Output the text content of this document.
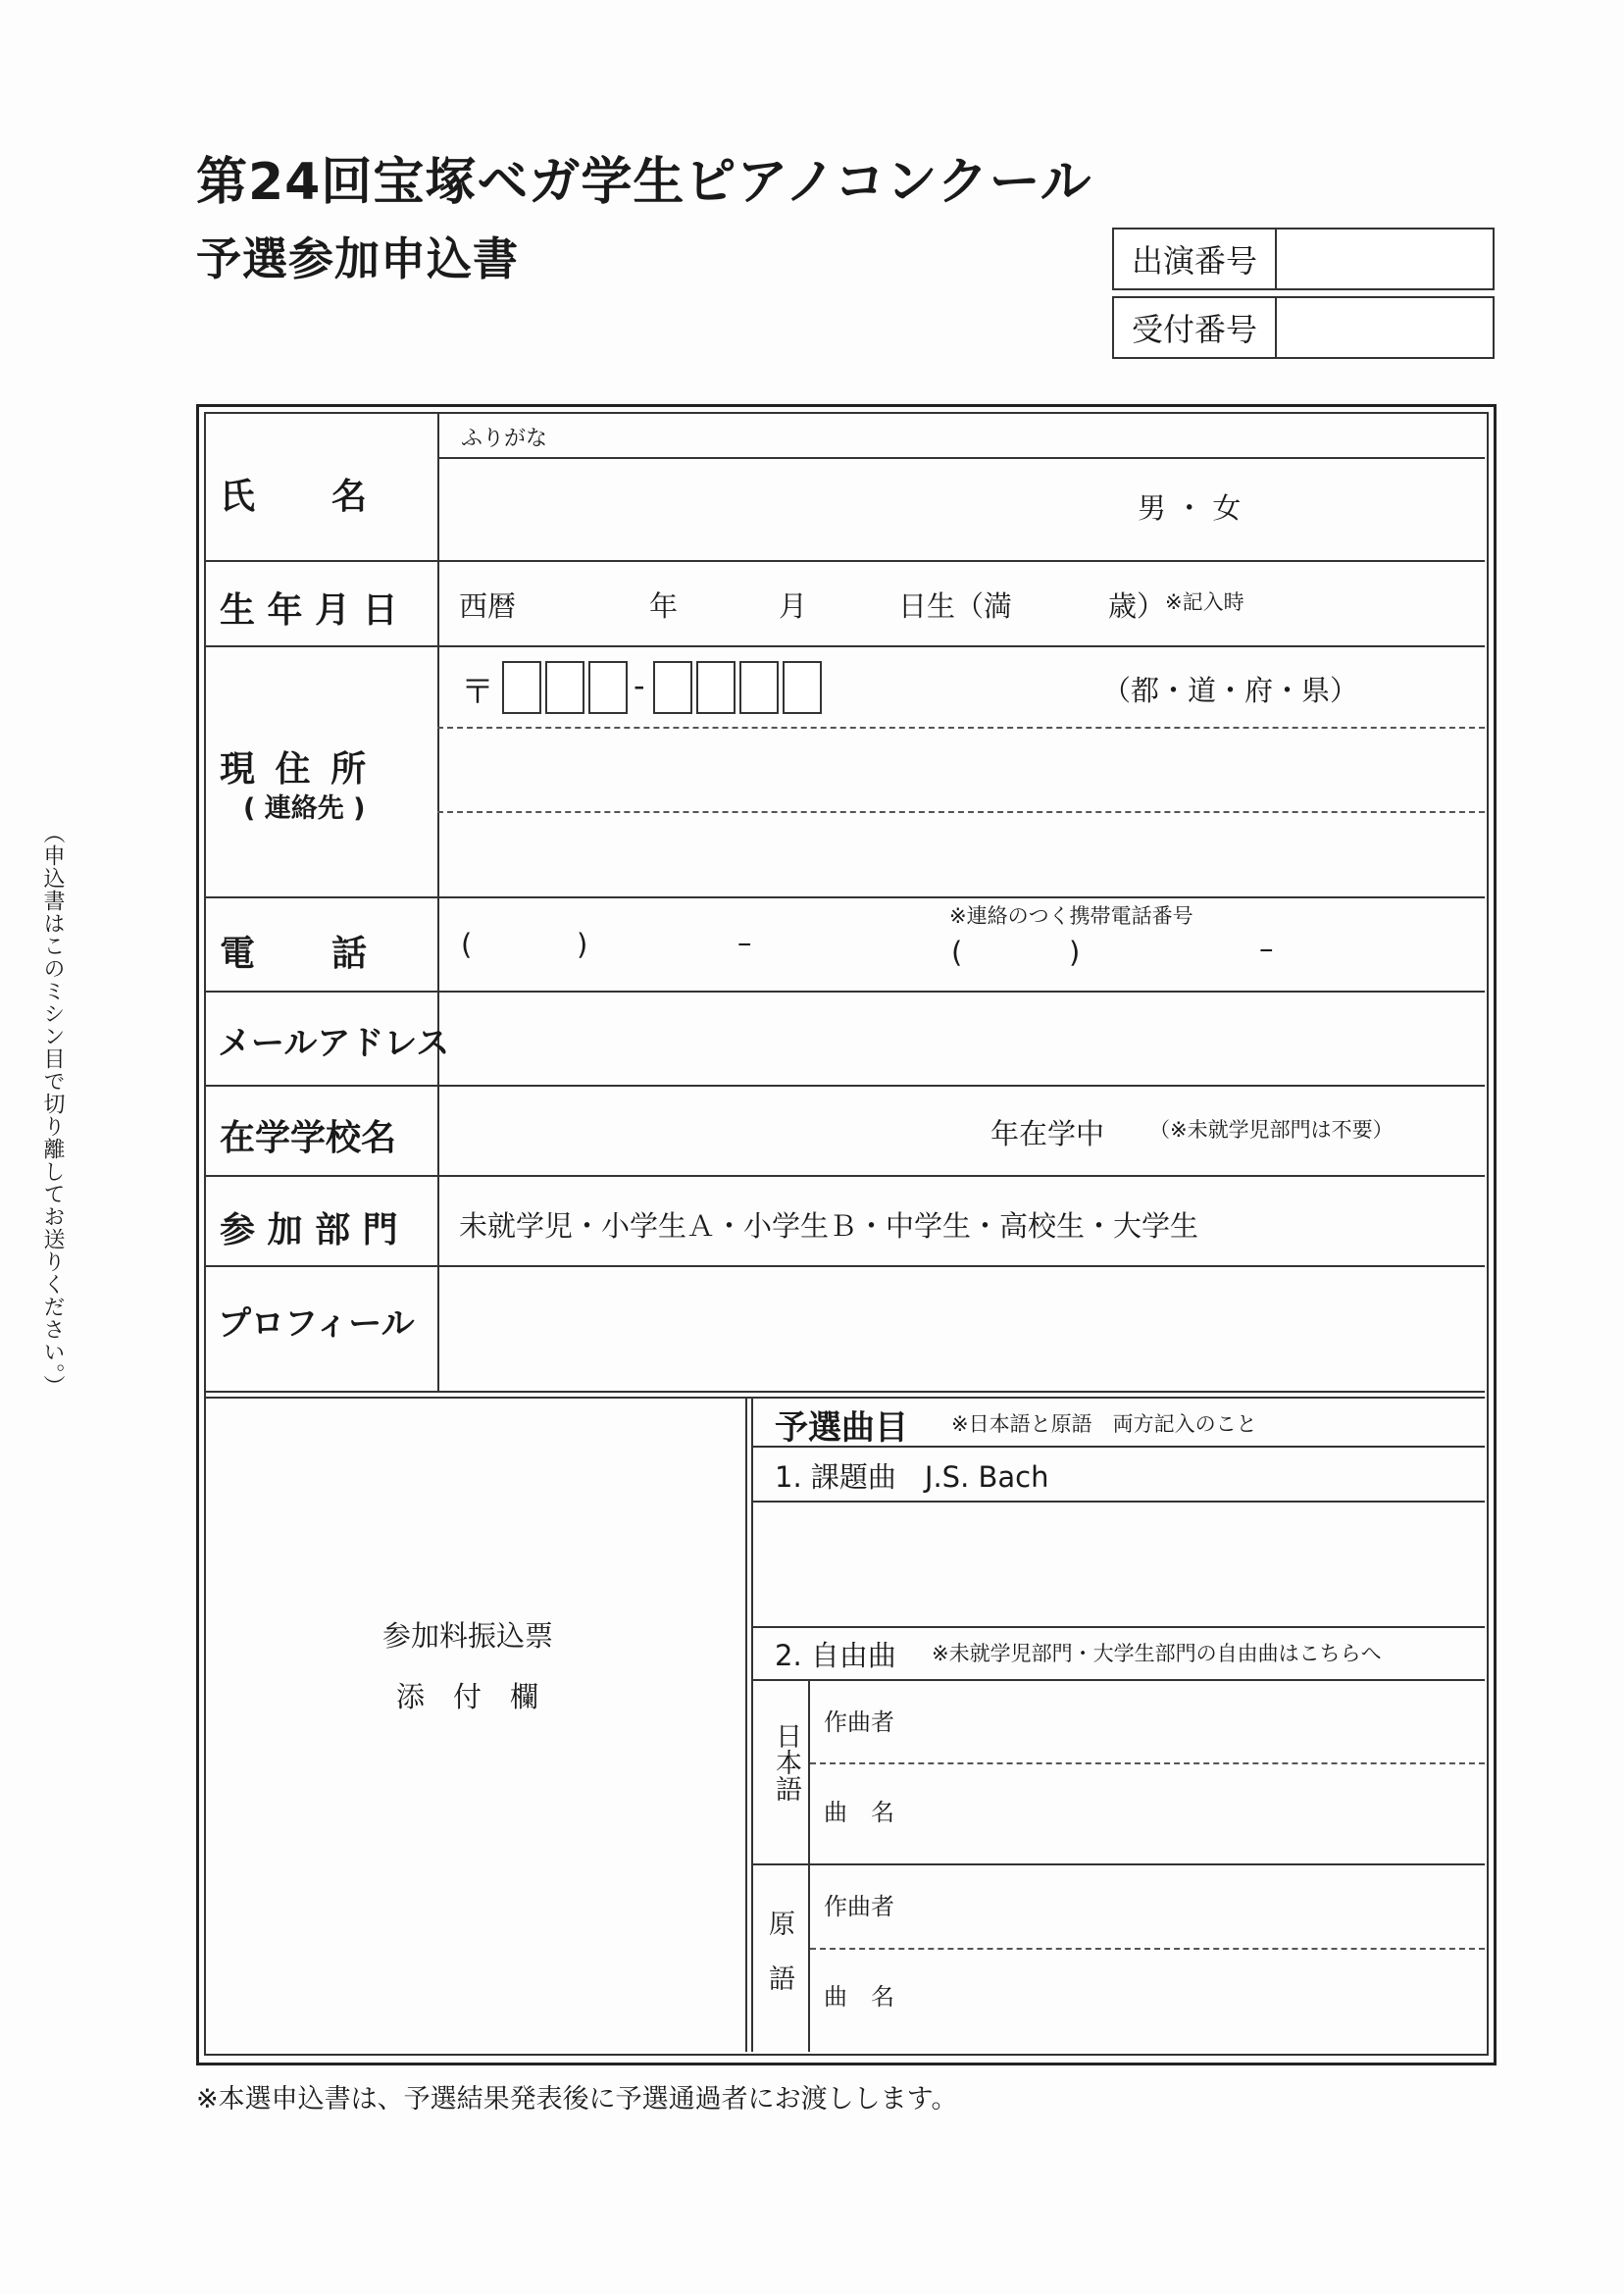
第24回宝塚ベガ学生ピアノコンクール
予選参加申込書	出演番号
受付番号
（申込書はこのミシン目で切り離してお送りください。）
ふりがな
氏　　名	男 ・ 女
生 年 月 日 西暦	年	月	日生（満	歳） ※記入時
現 住 所
( 連絡先 )
〒	-	（都・道・府・県）
電　　話	(	)	–
※連絡のつく携帯電話番号
(	)	–
メールアドレス
在学学校名	年在学中 （※未就学児部門は不要）
参 加 部 門 未就学児・小学生Ａ・小学生Ｂ・中学生・高校生・大学生
プロフィール
参加料振込票
添　付　欄
予選曲目 ※日本語と原語　両方記入のこと
1. 課題曲　J.S. Bach
2. 自由曲 ※未就学児部門・大学生部門の自由曲はこちらへ
日本語 作曲者
曲　名
原
語
作曲者
曲　名
※本選申込書は、予選結果発表後に予選通過者にお渡しします。
